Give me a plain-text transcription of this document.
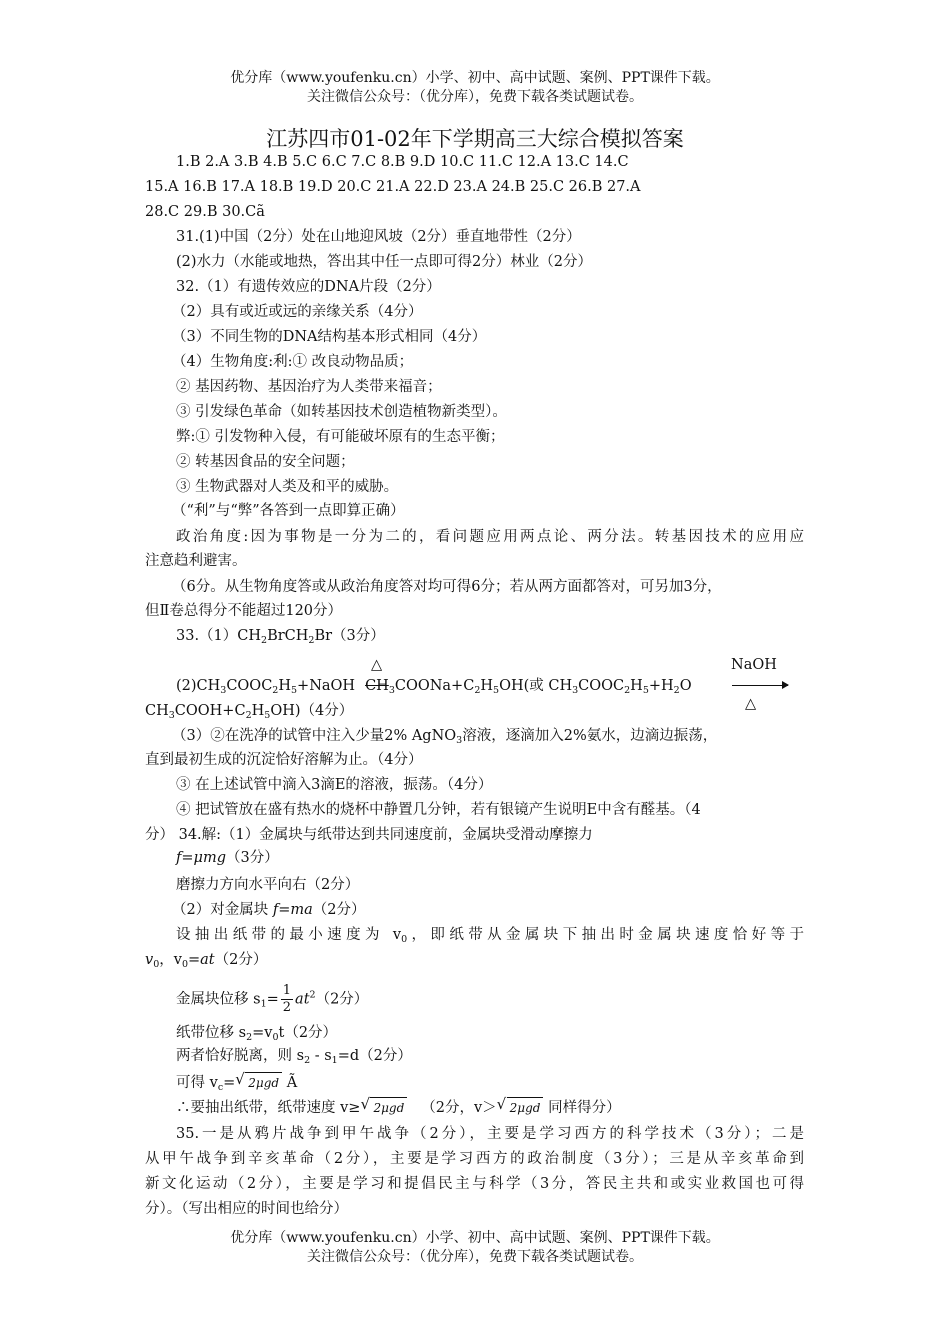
优分库（www.youfenku.cn）小学、初中、高中试题、案例、PPT课件下载。
关注微信公众号：（优分库），免费下载各类试题试卷。
江苏四市01-02年下学期高三大综合模拟答案
1.B 2.A 3.B 4.B 5.C 6.C 7.C 8.B 9.D 10.C 11.C 12.A 13.C 14.C
15.A 16.B 17.A 18.B 19.D 20.C 21.A 22.D 23.A 24.B 25.C 26.B 27.A
28.C 29.B 30.Cã
31.(1)中国（2分）处在山地迎风坡（2分）垂直地带性（2分）
(2)水力（水能或地热，答出其中任一点即可得2分）林业（2分）
32.（1）有遗传效应的DNA片段（2分）
（2）具有或近或远的亲缘关系（4分）
（3）不同生物的DNA结构基本形式相同（4分）
（4）生物角度:利:① 改良动物品质；
② 基因药物、基因治疗为人类带来福音；
③ 引发绿色革命（如转基因技术创造植物新类型）。
弊:① 引发物种入侵，有可能破坏原有的生态平衡；
② 转基因食品的安全问题；
③ 生物武器对人类及和平的威胁。
（“利”与“弊”各答到一点即算正确）
政治角度:因为事物是一分为二的，看问题应用两点论、两分法。转基因技术的应用应
注意趋利避害。
（6分。从生物角度答或从政治角度答对均可得6分；若从两方面都答对，可另加3分，
但Ⅱ卷总得分不能超过120分）
$33.(1)CH_2BrCH_2Br(3$分）
△	NaOH
$(2)CH_3COOC_2H_5+NaOH$ $CH_3COONa+C_2H_5OH$(或 $CH_3COOC_2H_5+H_2O$
△
$CH_3COOH+C_2H_5OH)(4$分）
（3）②在洗净的试管中注入少量2% AgNO$_3$溶液，逐滴加入2%氨水，边滴边振荡，
直到最初生成的沉淀恰好溶解为止。（4分）
③ 在上述试管中滴入3滴E的溶液，振荡。（4分）
④ 把试管放在盛有热水的烧杯中静置几分钟，若有银镜产生说明E中含有醛基。（4
分） 34.解:（1）金属块与纸带达到共同速度前，金属块受滑动摩擦力
f=μmg（3分）
磨擦力方向水平向右（2分）
（2）对金属块 f=ma（2分）
设抽出纸带的最小速度为 $v_0$，即纸带从金属块下抽出时金属块速度恰好等于
$v_0$，$v_0=at(2$分）
金属块位移 $s_1= \frac{1}{2} at^2(2$分）
纸带位移 $s_2=v_0t(2$分）
两者恰好脱离，则 $s_2 - s_1=d(2$分）
可得 $v_c=$ √ 2μgd Ã
∴要抽出纸带，纸带速度 v≥ √ 2μgd （2分，v＞ √ 2μgd 同样得分）
35.一是从鸦片战争到甲午战争（2分），主要是学习西方的科学技术（3分）；二是
从甲午战争到辛亥革命（2分），主要是学习西方的政治制度（3分）；三是从辛亥革命到
新文化运动（2分），主要是学习和提倡民主与科学（3分，答民主共和或实业救国也可得
分）。（写出相应的时间也给分）
优分库（www.youfenku.cn）小学、初中、高中试题、案例、PPT课件下载。
关注微信公众号：（优分库），免费下载各类试题试卷。
